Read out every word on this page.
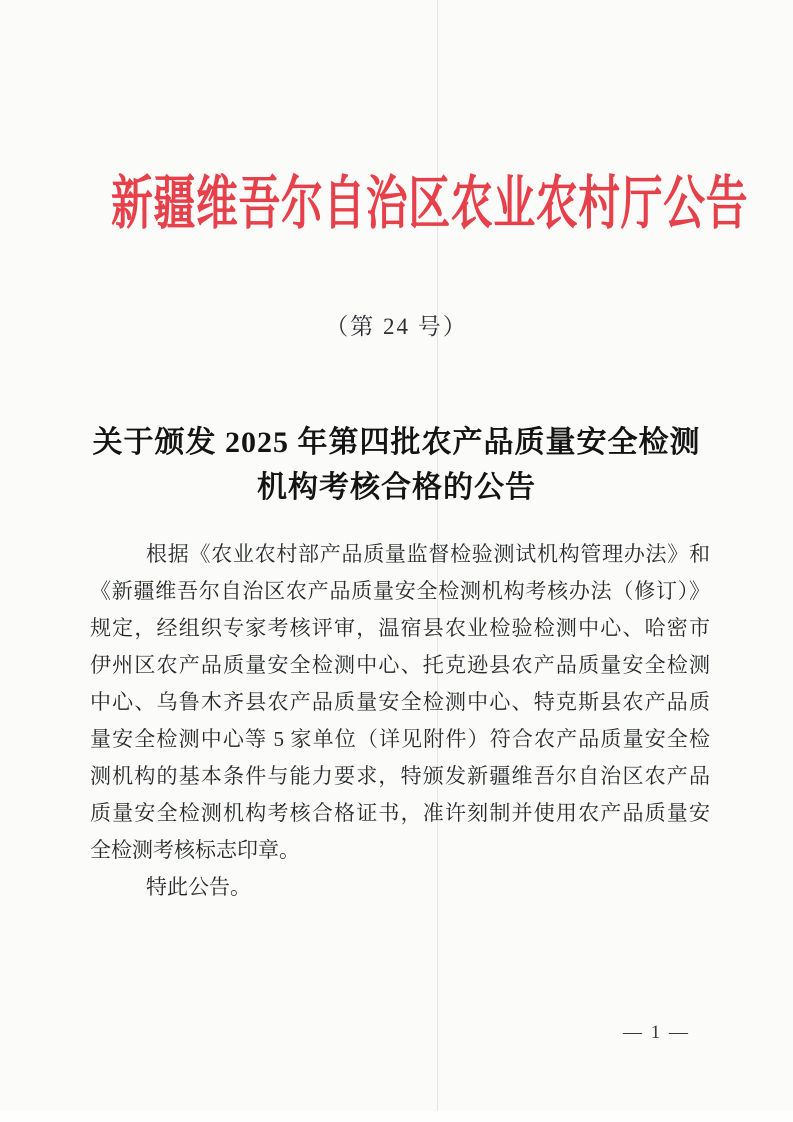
新疆维吾尔自治区农业农村厅公告
（第 24 号）
关于颁发 2025 年第四批农产品质量安全检测
机构考核合格的公告
根据《农业农村部产品质量监督检验测试机构管理办法》和
《新疆维吾尔自治区农产品质量安全检测机构考核办法（修订）》
规定，经组织专家考核评审，温宿县农业检验检测中心、哈密市
伊州区农产品质量安全检测中心、托克逊县农产品质量安全检测
中心、乌鲁木齐县农产品质量安全检测中心、特克斯县农产品质
量安全检测中心等 5 家单位（详见附件）符合农产品质量安全检
测机构的基本条件与能力要求，特颁发新疆维吾尔自治区农产品
质量安全检测机构考核合格证书，准许刻制并使用农产品质量安
全检测考核标志印章。
特此公告。
— 1 —
